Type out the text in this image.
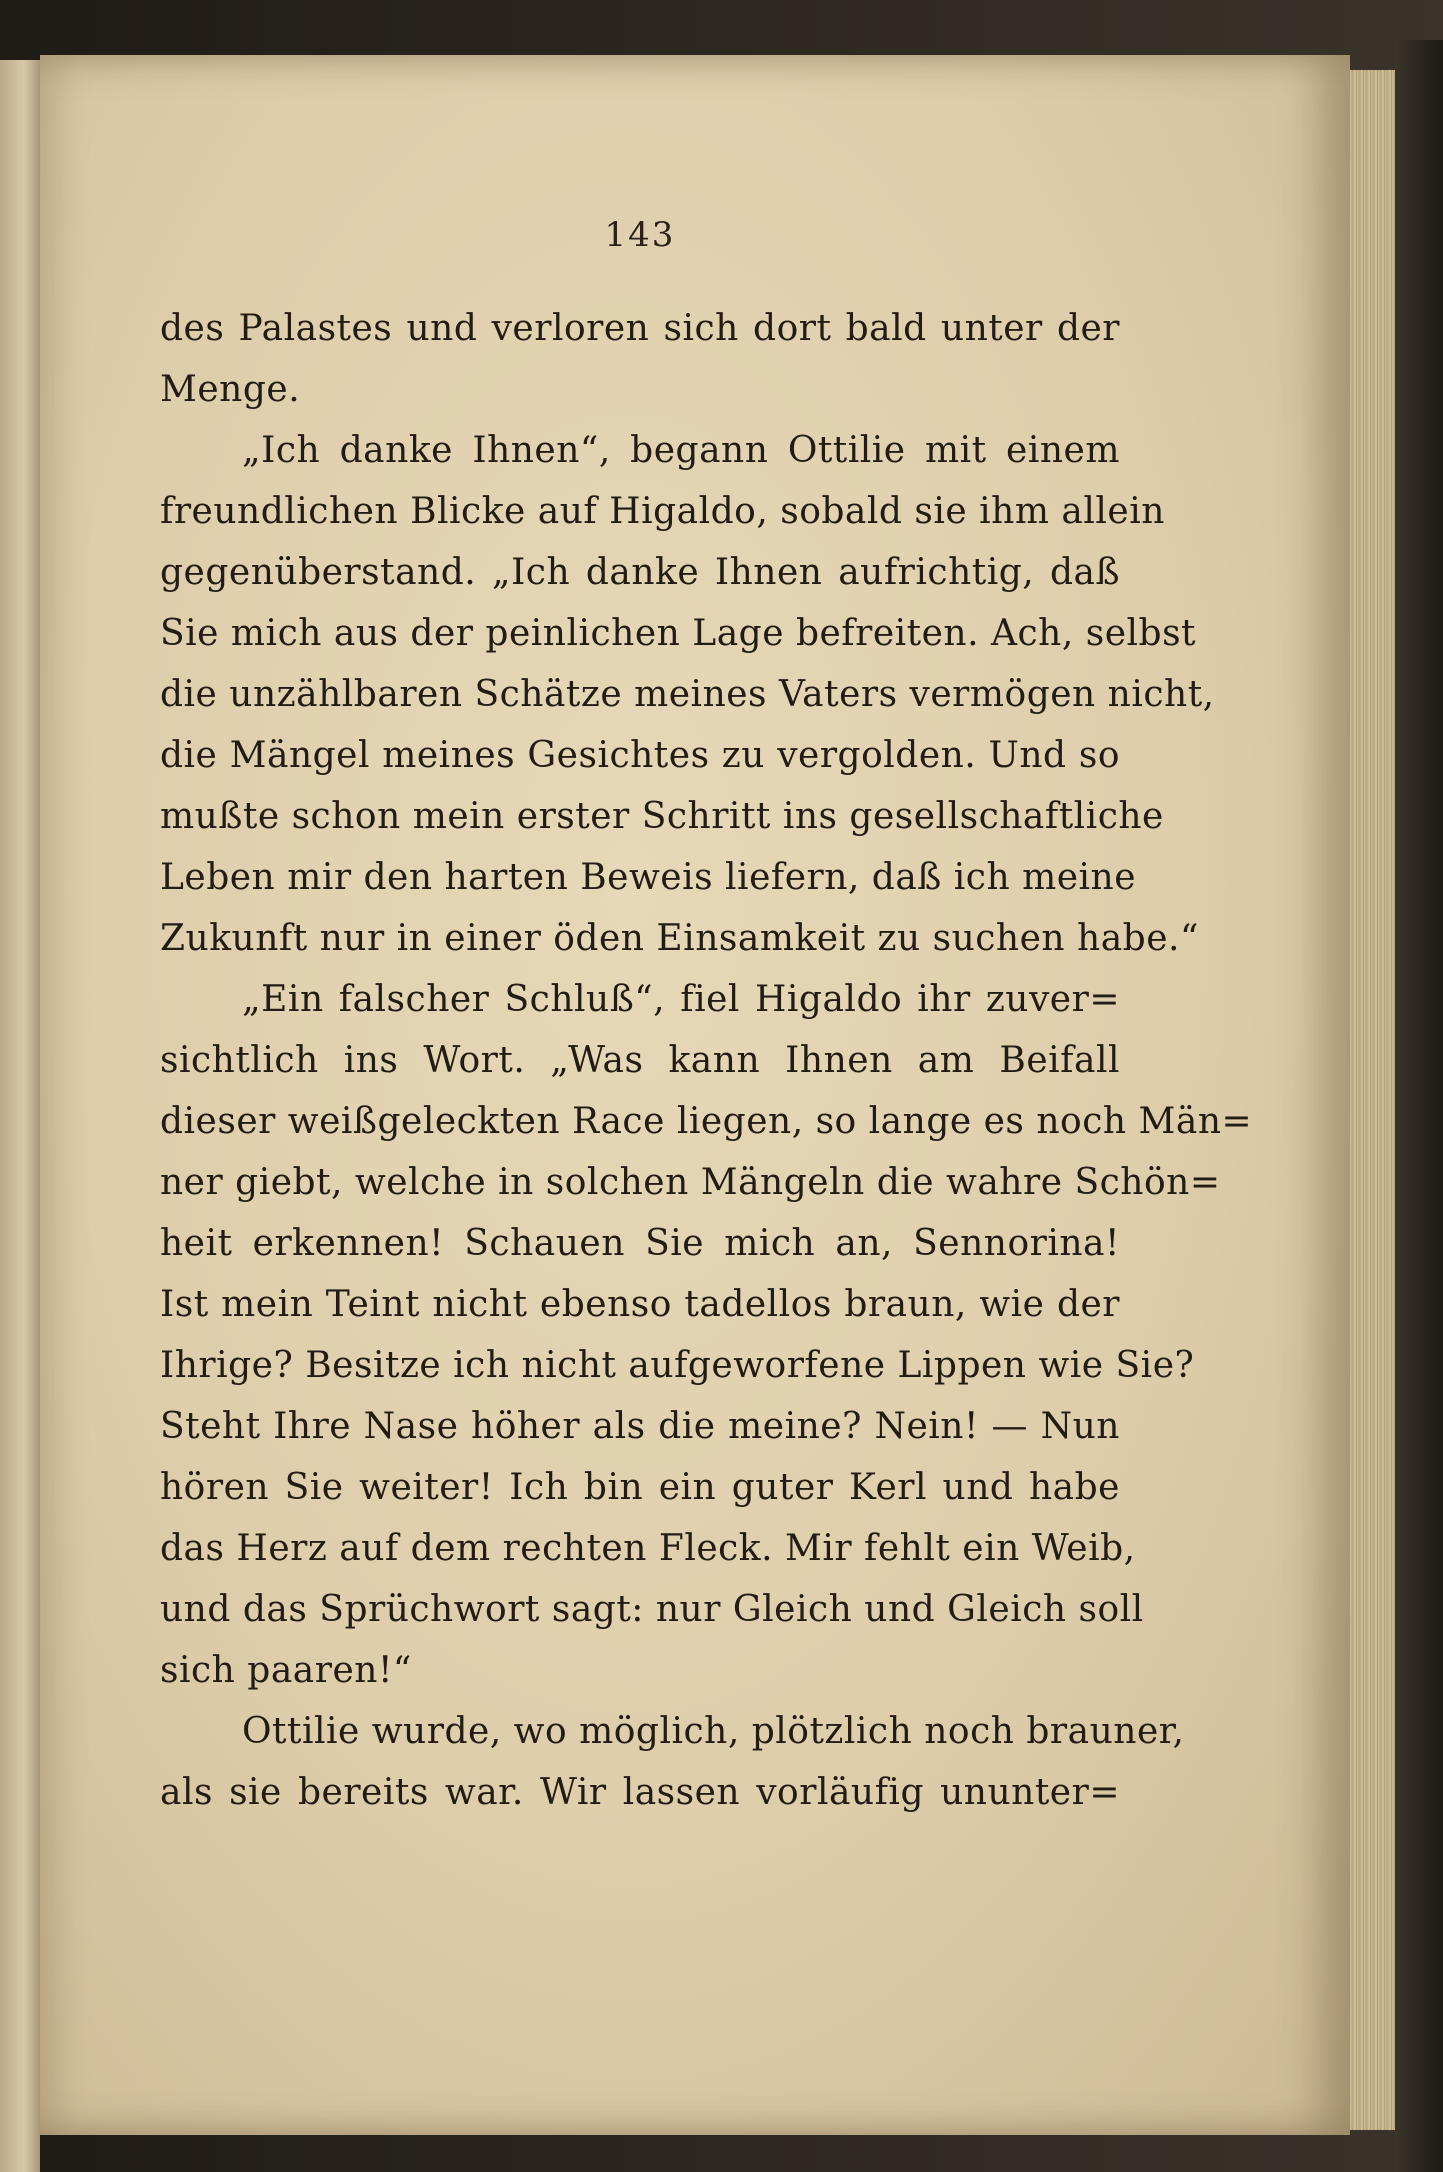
143
des Palastes und verloren sich dort bald unter der
Menge.
„Ich danke Ihnen“, begann Ottilie mit einem
freundlichen Blicke auf Higaldo, sobald sie ihm allein
gegenüberstand. „Ich danke Ihnen aufrichtig, daß
Sie mich aus der peinlichen Lage befreiten. Ach, selbst
die unzählbaren Schätze meines Vaters vermögen nicht,
die Mängel meines Gesichtes zu vergolden. Und so
mußte schon mein erster Schritt ins gesellschaftliche
Leben mir den harten Beweis liefern, daß ich meine
Zukunft nur in einer öden Einsamkeit zu suchen habe.“
„Ein falscher Schluß“, fiel Higaldo ihr zuver=
sichtlich ins Wort. „Was kann Ihnen am Beifall
dieser weißgeleckten Race liegen, so lange es noch Män=
ner giebt, welche in solchen Mängeln die wahre Schön=
heit erkennen! Schauen Sie mich an, Sennorina!
Ist mein Teint nicht ebenso tadellos braun, wie der
Ihrige? Besitze ich nicht aufgeworfene Lippen wie Sie?
Steht Ihre Nase höher als die meine? Nein! — Nun
hören Sie weiter! Ich bin ein guter Kerl und habe
das Herz auf dem rechten Fleck. Mir fehlt ein Weib,
und das Sprüchwort sagt: nur Gleich und Gleich soll
sich paaren!“
Ottilie wurde, wo möglich, plötzlich noch brauner,
als sie bereits war. Wir lassen vorläufig ununter=
